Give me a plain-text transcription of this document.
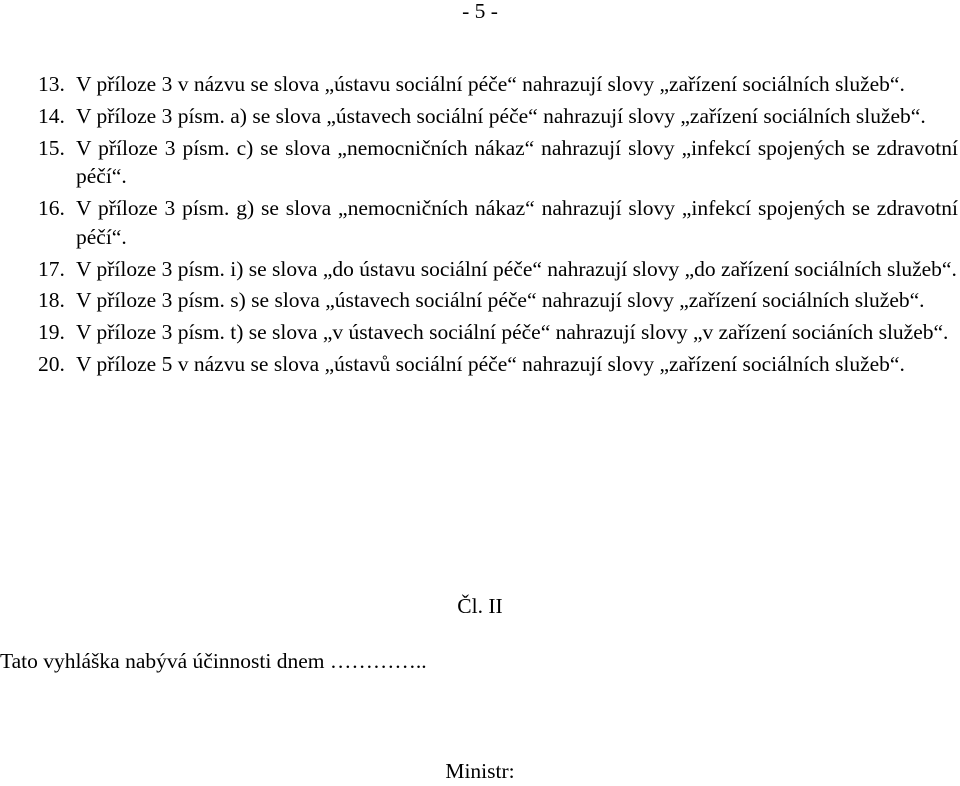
- 5 -
13. V příloze 3 v názvu se slova „ústavu sociální péče“ nahrazují slovy „zařízení sociálních služeb“.
14. V příloze 3 písm. a) se slova „ústavech sociální péče“ nahrazují slovy „zařízení sociálních služeb“.
15. V příloze 3 písm. c) se slova „nemocničních nákaz“ nahrazují slovy „infekcí spojených se zdravotní péčí“.
16. V příloze 3 písm. g) se slova „nemocničních nákaz“ nahrazují slovy „infekcí spojených se zdravotní péčí“.
17. V příloze 3 písm. i) se slova „do ústavu sociální péče“ nahrazují slovy „do zařízení sociálních služeb“.
18. V příloze 3 písm. s) se slova „ústavech sociální péče“ nahrazují slovy „zařízení sociálních služeb“.
19. V příloze 3 písm. t) se slova „v ústavech sociální péče“ nahrazují slovy „v zařízení sociáních služeb“.
20. V příloze 5 v názvu se slova „ústavů sociální péče“ nahrazují slovy „zařízení sociálních služeb“.
Čl. II
Tato vyhláška nabývá účinnosti dnem …………..
Ministr:
